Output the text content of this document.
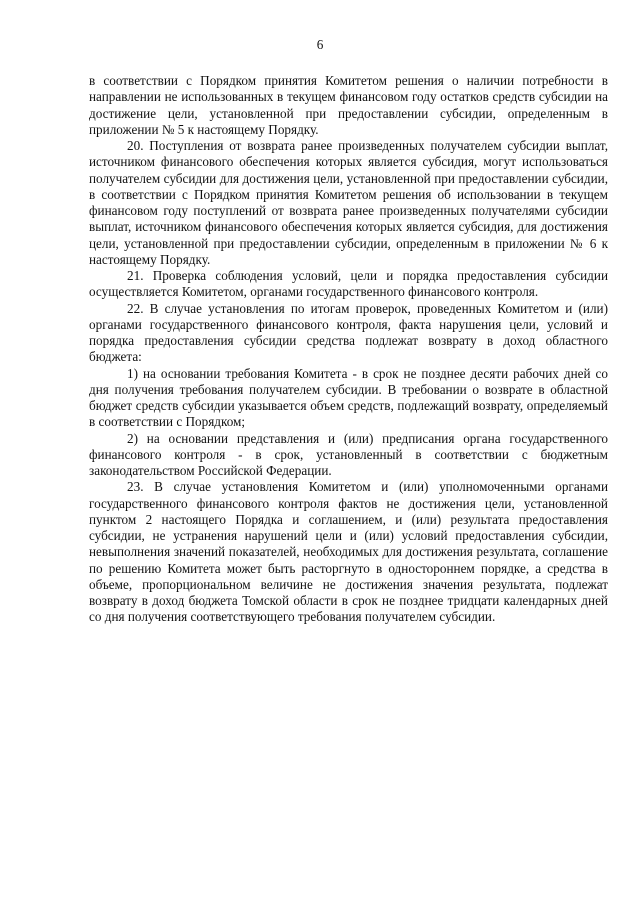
6

в соответствии с Порядком принятия Комитетом решения о наличии потребности в направлении не использованных в текущем финансовом году остатков средств субсидии на достижение цели, установленной при предоставлении субсидии, определенным в приложении № 5 к настоящему Порядку.

20. Поступления от возврата ранее произведенных получателем субсидии выплат, источником финансового обеспечения которых является субсидия, могут использоваться получателем субсидии для достижения цели, установленной при предоставлении субсидии, в соответствии с Порядком принятия Комитетом решения об использовании в текущем финансовом году поступлений от возврата ранее произведенных получателями субсидии выплат, источником финансового обеспечения которых является субсидия, для достижения цели, установленной при предоставлении субсидии, определенным в приложении № 6 к настоящему Порядку.

21. Проверка соблюдения условий, цели и порядка предоставления субсидии осуществляется Комитетом, органами государственного финансового контроля.

22. В случае установления по итогам проверок, проведенных Комитетом и (или) органами государственного финансового контроля, факта нарушения цели, условий и порядка предоставления субсидии средства подлежат возврату в доход областного бюджета:

1) на основании требования Комитета - в срок не позднее десяти рабочих дней со дня получения требования получателем субсидии. В требовании о возврате в областной бюджет средств субсидии указывается объем средств, подлежащий возврату, определяемый в соответствии с Порядком;

2) на основании представления и (или) предписания органа государственного финансового контроля - в срок, установленный в соответствии с бюджетным законодательством Российской Федерации.

23. В случае установления Комитетом и (или) уполномоченными органами государственного финансового контроля фактов не достижения цели, установленной пунктом 2 настоящего Порядка и соглашением, и (или) результата предоставления субсидии, не устранения нарушений цели и (или) условий предоставления субсидии, невыполнения значений показателей, необходимых для достижения результата, соглашение по решению Комитета может быть расторгнуто в одностороннем порядке, а средства в объеме, пропорциональном величине не достижения значения результата, подлежат возврату в доход бюджета Томской области в срок не позднее тридцати календарных дней со дня получения соответствующего требования получателем субсидии.
